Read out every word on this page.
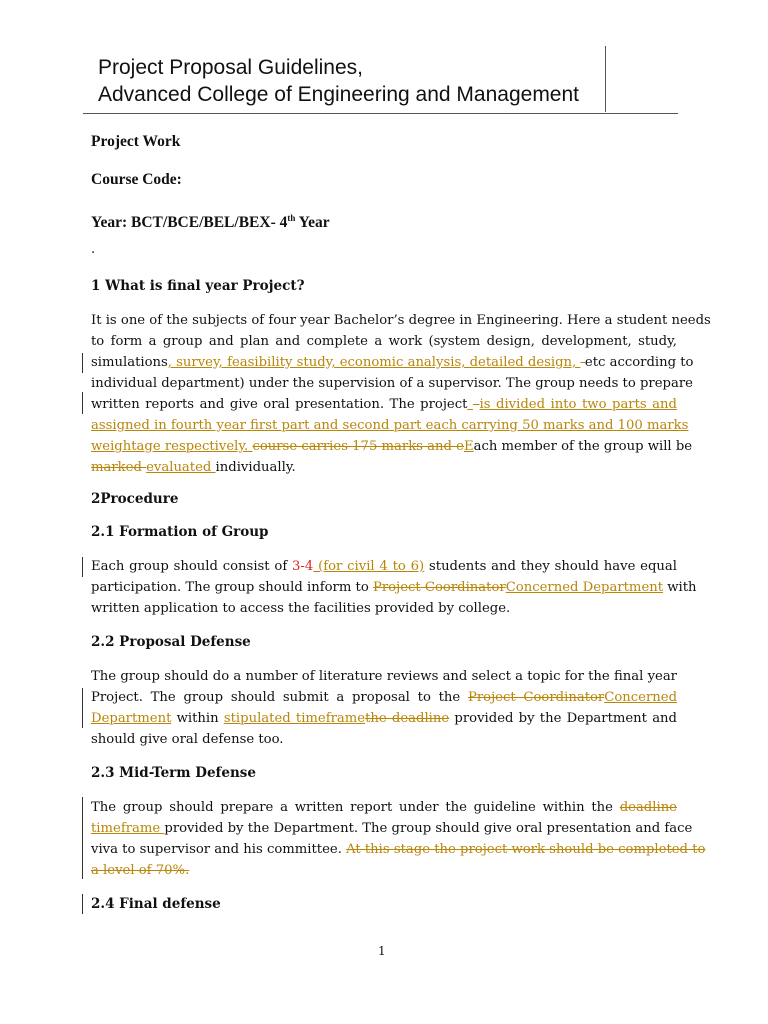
Project Proposal Guidelines,
Advanced College of Engineering and Management
Project Work
Course Code:
Year: BCT/BCE/BEL/BEX- 4th Year
.
1 What is final year Project?
It is one of the subjects of four year Bachelor’s degree in Engineering. Here a student needs
to form a group and plan and complete a work (system design, development, study,
simulations, survey, feasibility study, economic analysis, detailed design, -etc according to
individual department) under the supervision of a supervisor. The group needs to prepare
written reports and give oral presentation. The project –is divided into two parts and
assigned in fourth year first part and second part each carrying 50 marks and 100 marks
weightage respectively. course carries 175 marks and eEach member of the group will be
marked evaluated individually.
2Procedure
2.1 Formation of Group
Each group should consist of 3-4 (for civil 4 to 6) students and they should have equal
participation. The group should inform to Project CoordinatorConcerned Department with
written application to access the facilities provided by college.
2.2 Proposal Defense
The group should do a number of literature reviews and select a topic for the final year
Project. The group should submit a proposal to the Project CoordinatorConcerned
Department within stipulated timeframethe deadline provided by the Department and
should give oral defense too.
2.3 Mid-Term Defense
The group should prepare a written report under the guideline within the deadline
timeframe provided by the Department. The group should give oral presentation and face
viva to supervisor and his committee. At this stage the project work should be completed to
a level of 70%.
2.4 Final defense
1
